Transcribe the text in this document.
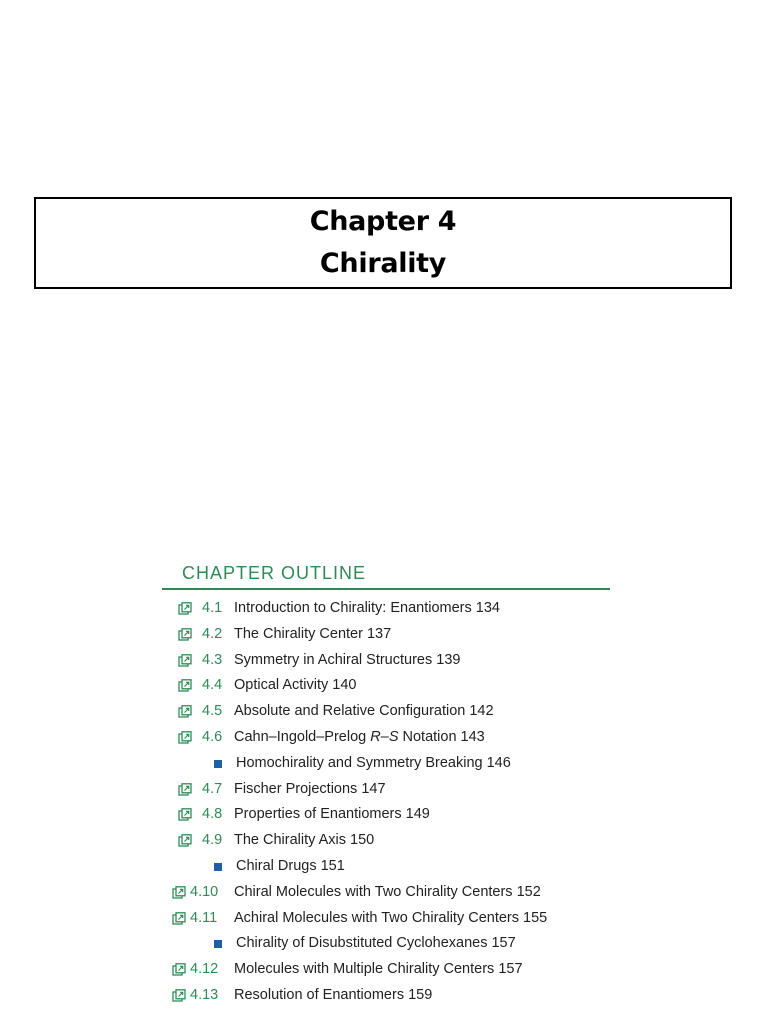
Chapter 4
Chirality
CHAPTER OUTLINE
4.1 Introduction to Chirality: Enantiomers 134
4.2 The Chirality Center 137
4.3 Symmetry in Achiral Structures 139
4.4 Optical Activity 140
4.5 Absolute and Relative Configuration 142
4.6 Cahn–Ingold–Prelog R–S Notation 143
Homochirality and Symmetry Breaking 146
4.7 Fischer Projections 147
4.8 Properties of Enantiomers 149
4.9 The Chirality Axis 150
Chiral Drugs 151
4.10 Chiral Molecules with Two Chirality Centers 152
4.11 Achiral Molecules with Two Chirality Centers 155
Chirality of Disubstituted Cyclohexanes 157
4.12 Molecules with Multiple Chirality Centers 157
4.13 Resolution of Enantiomers 159
